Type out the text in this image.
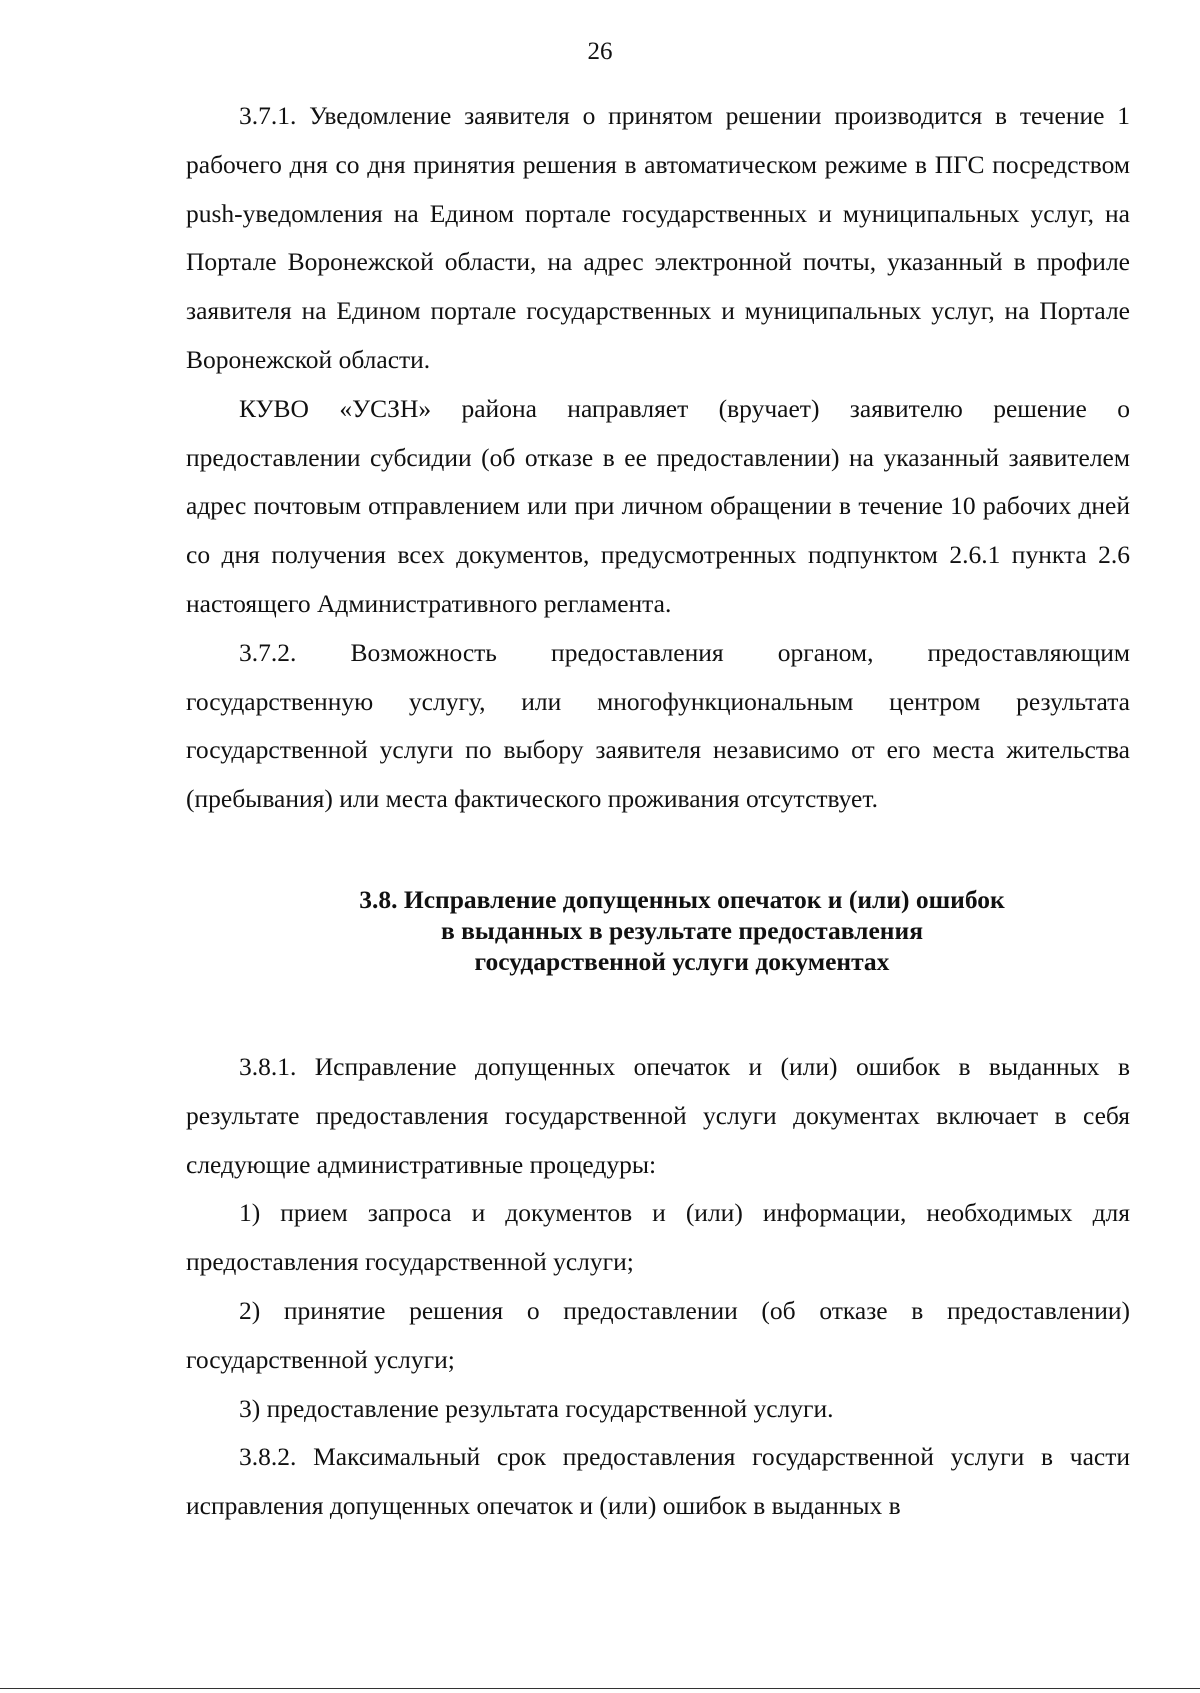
26

3.7.1. Уведомление заявителя о принятом решении производится в течение 1 рабочего дня со дня принятия решения в автоматическом режиме в ПГС посредством push-уведомления на Едином портале государственных и муниципальных услуг, на Портале Воронежской области, на адрес электронной почты, указанный в профиле заявителя на Едином портале государственных и муниципальных услуг, на Портале Воронежской области.

КУВО «УСЗН» района направляет (вручает) заявителю решение о предоставлении субсидии (об отказе в ее предоставлении) на указанный заявителем адрес почтовым отправлением или при личном обращении в течение 10 рабочих дней со дня получения всех документов, предусмотренных подпунктом 2.6.1 пункта 2.6 настоящего Административного регламента.

3.7.2. Возможность предоставления органом, предоставляющим государственную услугу, или многофункциональным центром результата государственной услуги по выбору заявителя независимо от его места жительства (пребывания) или места фактического проживания отсутствует.

3.8. Исправление допущенных опечаток и (или) ошибок
в выданных в результате предоставления
государственной услуги документах

3.8.1. Исправление допущенных опечаток и (или) ошибок в выданных в результате предоставления государственной услуги документах включает в себя следующие административные процедуры:

1) прием запроса и документов и (или) информации, необходимых для предоставления государственной услуги;

2) принятие решения о предоставлении (об отказе в предоставлении) государственной услуги;

3) предоставление результата государственной услуги.

3.8.2. Максимальный срок предоставления государственной услуги в части исправления допущенных опечаток и (или) ошибок в выданных в
